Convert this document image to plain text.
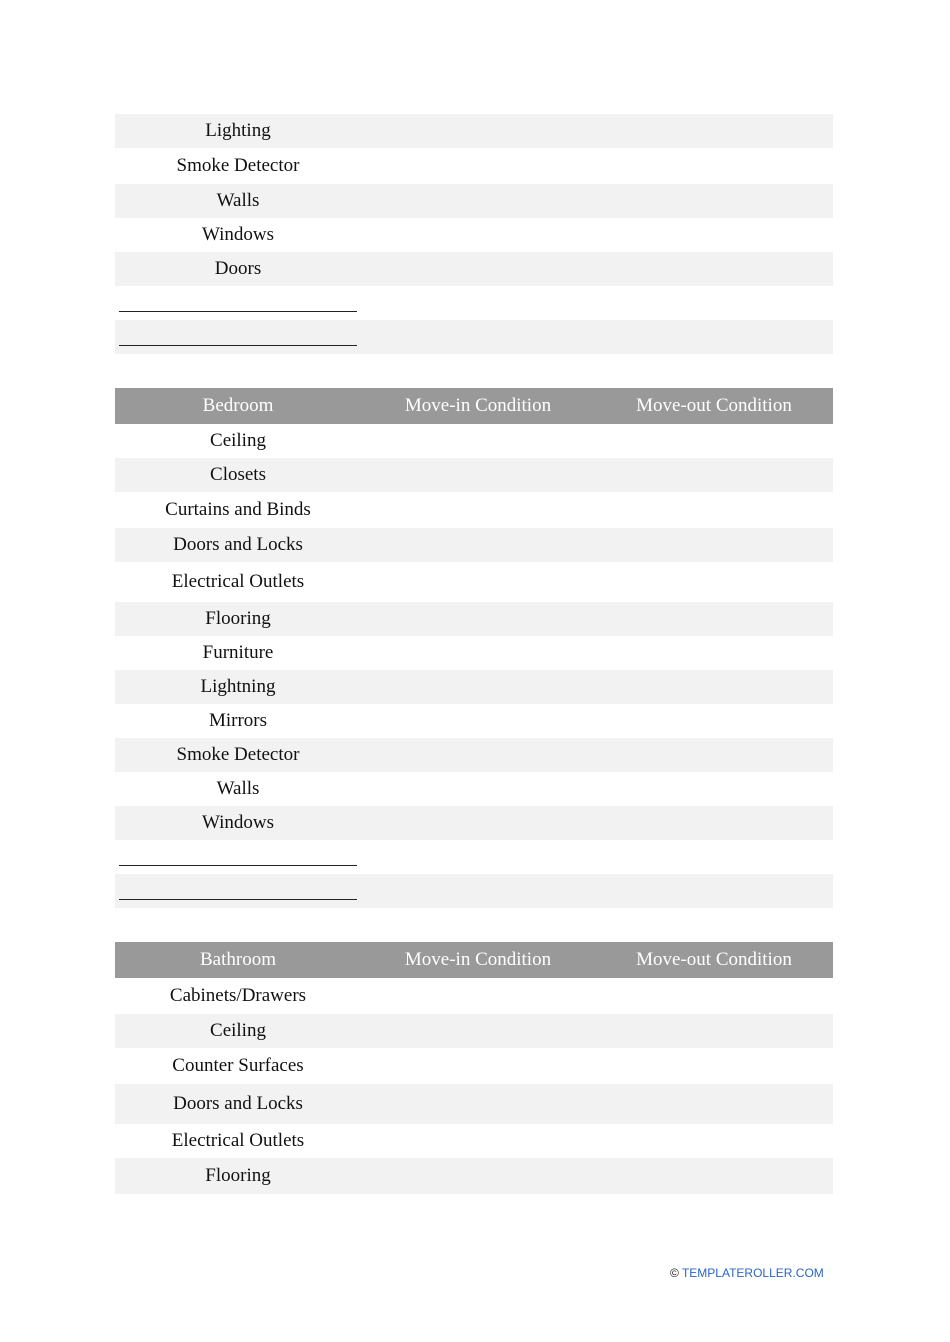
Lighting
Smoke Detector
Walls
Windows
Doors
Bedroom	Move-in Condition	Move-out Condition
Ceiling
Closets
Curtains and Binds
Doors and Locks
Electrical Outlets
Flooring
Furniture
Lightning
Mirrors
Smoke Detector
Walls
Windows
Bathroom	Move-in Condition	Move-out Condition
Cabinets/Drawers
Ceiling
Counter Surfaces
Doors and Locks
Electrical Outlets
Flooring
© TEMPLATEROLLER.COM
